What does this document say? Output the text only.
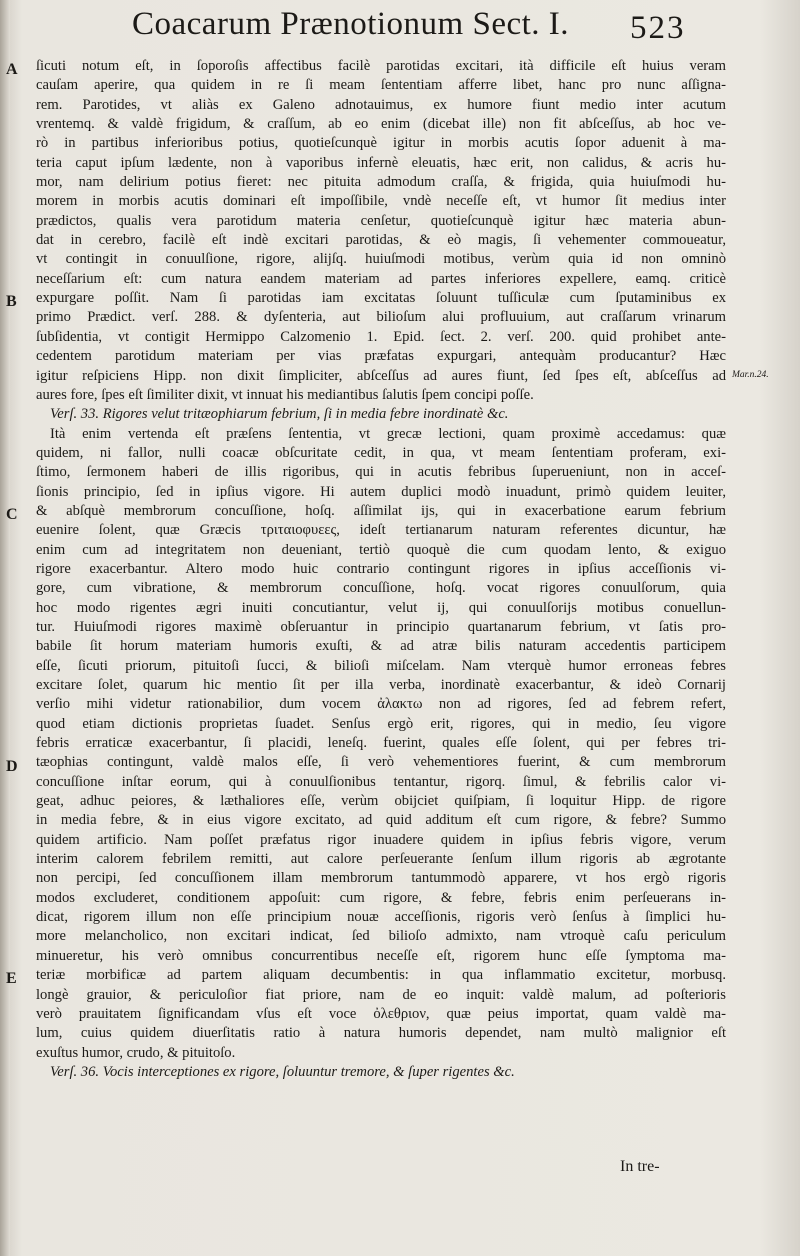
Coacarum Prænotionum Sect. I. 523
ſicuti notum eſt, in ſoporoſis affectibus facilè parotidas excitari, ità difficile eſt huius veram
cauſam aperire, qua quidem in re ſi meam ſententiam afferre libet, hanc pro nunc aſſigna-
rem. Parotides, vt aliàs ex Galeno adnotauimus, ex humore fiunt medio inter acutum
vrentemq. & valdè frigidum, & craſſum, ab eo enim (dicebat ille) non fit abſceſſus, ab hoc ve-
rò in partibus inferioribus potius, quotieſcunquè igitur in morbis acutis ſopor aduenit à ma-
teria caput ipſum lædente, non à vaporibus infernè eleuatis, hæc erit, non calidus, & acris hu-
mor, nam delirium potius fieret: nec pituita admodum craſſa, & frigida, quia huiuſmodi hu-
morem in morbis acutis dominari eſt impoſſibile, vndè neceſſe eſt, vt humor ſit medius inter
prædictos, qualis vera parotidum materia cenſetur, quotieſcunquè igitur hæc materia abun-
dat in cerebro, facilè eſt indè excitari parotidas, & eò magis, ſi vehementer commoueatur,
vt contingit in conuulſione, rigore, alijſq. huiuſmodi motibus, verùm quia id non omninò
neceſſarium eſt: cum natura eandem materiam ad partes inferiores expellere, eamq. criticè
expurgare poſſit. Nam ſi parotidas iam excitatas ſoluunt tuſſiculæ cum ſputaminibus ex
primo Prædict. verſ. 288. & dyſenteria, aut bilioſum alui profluuium, aut craſſarum vrinarum
ſubſidentia, vt contigit Hermippo Calzomenio 1. Epid. ſect. 2. verſ. 200. quid prohibet ante-
cedentem parotidum materiam per vias præfatas expurgari, antequàm producantur? Hæc
igitur reſpiciens Hipp. non dixit ſimpliciter, abſceſſus ad aures fiunt, ſed ſpes eſt, abſceſſus ad
aures fore, ſpes eſt ſimiliter dixit, vt innuat his mediantibus ſalutis ſpem concipi poſſe.
Verſ. 33. Rigores velut tritæophiarum febrium, ſi in media febre inordinatè &c.
Ità enim vertenda eſt præſens ſententia, vt grecæ lectioni, quam proximè accedamus: quæ
quidem, ni fallor, nulli coacæ obſcuritate cedit, in qua, vt meam ſententiam proferam, exi-
ſtimo, ſermonem haberi de illis rigoribus, qui in acutis febribus ſuperueniunt, non in acceſ-
ſionis principio, ſed in ipſius vigore. Hi autem duplici modò inuadunt, primò quidem leuiter,
& abſquè membrorum concuſſione, hoſq. aſſimilat ijs, qui in exacerbatione earum febrium
euenire ſolent, quæ Græcis τριταιοφυεες, ideſt tertianarum naturam referentes dicuntur, hæ
enim cum ad integritatem non deueniant, tertiò quoquè die cum quodam lento, & exiguo
rigore exacerbantur. Altero modo huic contrario contingunt rigores in ipſius acceſſionis vi-
gore, cum vibratione, & membrorum concuſſione, hoſq. vocat rigores conuulſorum, quia
hoc modo rigentes ægri inuiti concutiantur, velut ij, qui conuulſorijs motibus conuellun-
tur. Huiuſmodi rigores maximè obſeruantur in principio quartanarum febrium, vt ſatis pro-
babile ſit horum materiam humoris exuſti, & ad atræ bilis naturam accedentis participem
eſſe, ſicuti priorum, pituitoſi ſucci, & bilioſi miſcelam. Nam vterquè humor erroneas febres
excitare ſolet, quarum hic mentio ſit per illa verba, inordinatè exacerbantur, & ideò Cornarij
verſio mihi videtur rationabilior, dum vocem ἀλακτω non ad rigores, ſed ad febrem refert,
quod etiam dictionis proprietas ſuadet. Senſus ergò erit, rigores, qui in medio, ſeu vigore
febris erraticæ exacerbantur, ſi placidi, leneſq. fuerint, quales eſſe ſolent, qui per febres tri-
tæophias contingunt, valdè malos eſſe, ſi verò vehementiores fuerint, & cum membrorum
concuſſione inſtar eorum, qui à conuulſionibus tentantur, rigorq. ſimul, & febrilis calor vi-
geat, adhuc peiores, & læthaliores eſſe, verùm obijciet quiſpiam, ſi loquitur Hipp. de rigore
in media febre, & in eius vigore excitato, ad quid additum eſt cum rigore, & febre? Summo
quidem artificio. Nam poſſet præfatus rigor inuadere quidem in ipſius febris vigore, verum
interim calorem febrilem remitti, aut calore perſeuerante ſenſum illum rigoris ab ægrotante
non percipi, ſed concuſſionem illam membrorum tantummodò apparere, vt hos ergò rigoris
modos excluderet, conditionem appoſuit: cum rigore, & febre, febris enim perſeuerans in-
dicat, rigorem illum non eſſe principium nouæ acceſſionis, rigoris verò ſenſus à ſimplici hu-
more melancholico, non excitari indicat, ſed bilioſo admixto, nam vtroquè caſu periculum
minueretur, his verò omnibus concurrentibus neceſſe eſt, rigorem hunc eſſe ſymptoma ma-
teriæ morbificæ ad partem aliquam decumbentis: in qua inflammatio excitetur, morbusq.
longè grauior, & periculoſior fiat priore, nam de eo inquit: valdè malum, ad poſterioris
verò prauitatem ſignificandam vſus eſt voce ὀλεθριον, quæ peius importat, quam valdè ma-
lum, cuius quidem diuerſitatis ratio à natura humoris dependet, nam multò malignior eſt
exuſtus humor, crudo, & pituitoſo.
Verſ. 36. Vocis interceptiones ex rigore, ſoluuntur tremore, & ſuper rigentes &c.
A
B
C
D
E
Mar.n.24.
In tre-
